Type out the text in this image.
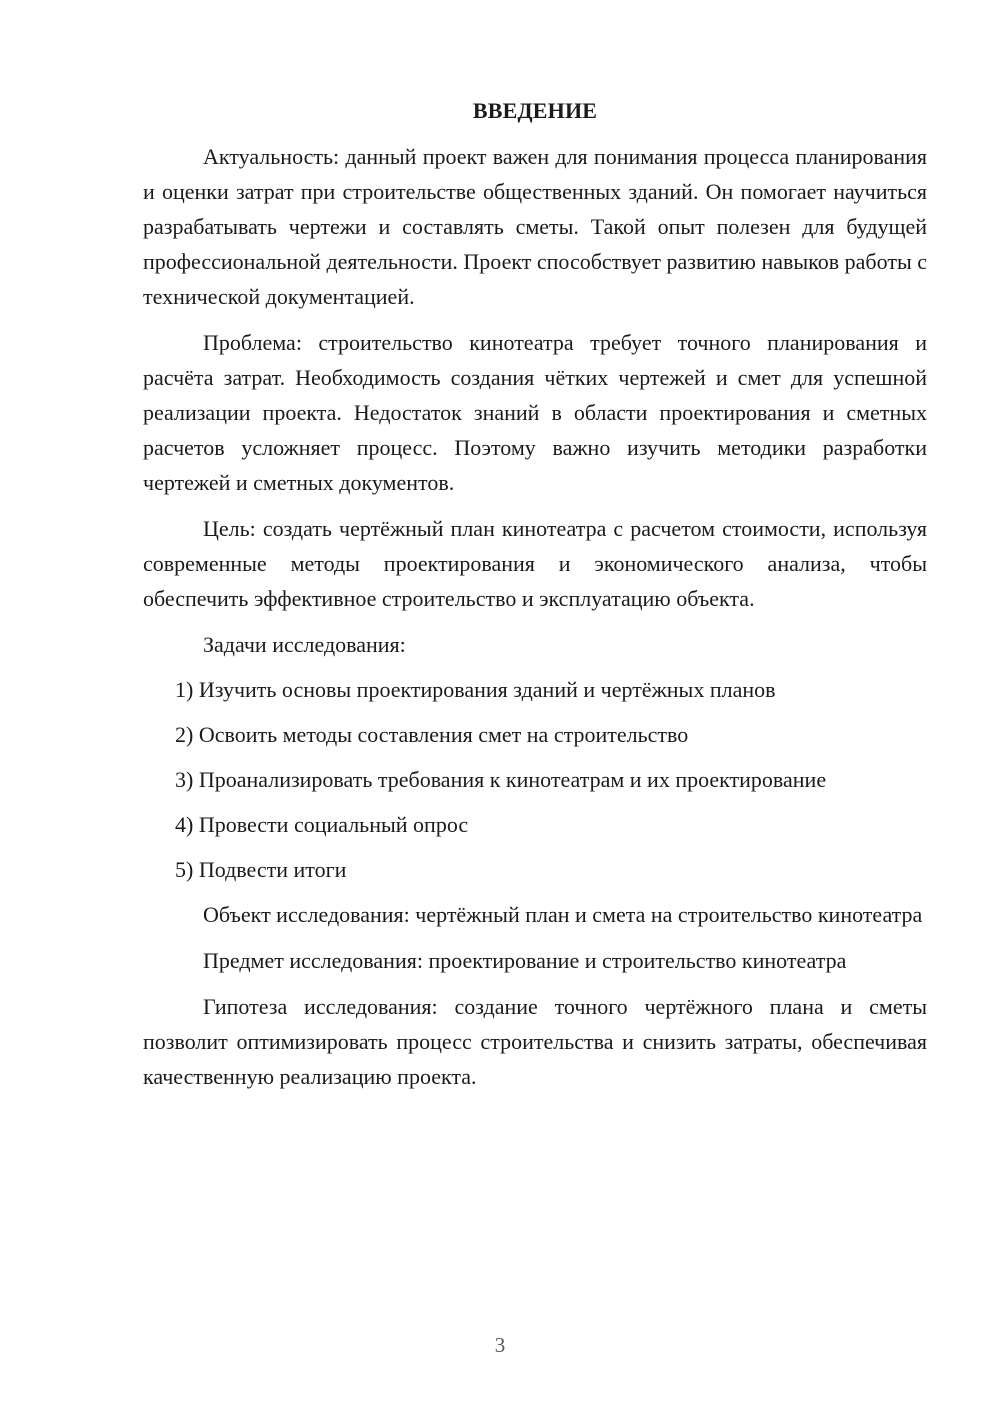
ВВЕДЕНИЕ

Актуальность: данный проект важен для понимания процесса планирования и оценки затрат при строительстве общественных зданий. Он помогает научиться разрабатывать чертежи и составлять сметы. Такой опыт полезен для будущей профессиональной деятельности. Проект способствует развитию навыков работы с технической документацией.

Проблема: строительство кинотеатра требует точного планирования и расчёта затрат. Необходимость создания чётких чертежей и смет для успешной реализации проекта. Недостаток знаний в области проектирования и сметных расчетов усложняет процесс. Поэтому важно изучить методики разработки чертежей и сметных документов.

Цель: создать чертёжный план кинотеатра с расчетом стоимости, используя современные методы проектирования и экономического анализа, чтобы обеспечить эффективное строительство и эксплуатацию объекта.

Задачи исследования:

1) Изучить основы проектирования зданий и чертёжных планов
2) Освоить методы составления смет на строительство
3) Проанализировать требования к кинотеатрам и их проектирование
4) Провести социальный опрос
5) Подвести итоги

Объект исследования: чертёжный план и смета на строительство кинотеатра

Предмет исследования: проектирование и строительство кинотеатра

Гипотеза исследования: создание точного чертёжного плана и сметы позволит оптимизировать процесс строительства и снизить затраты, обеспечивая качественную реализацию проекта.

3
